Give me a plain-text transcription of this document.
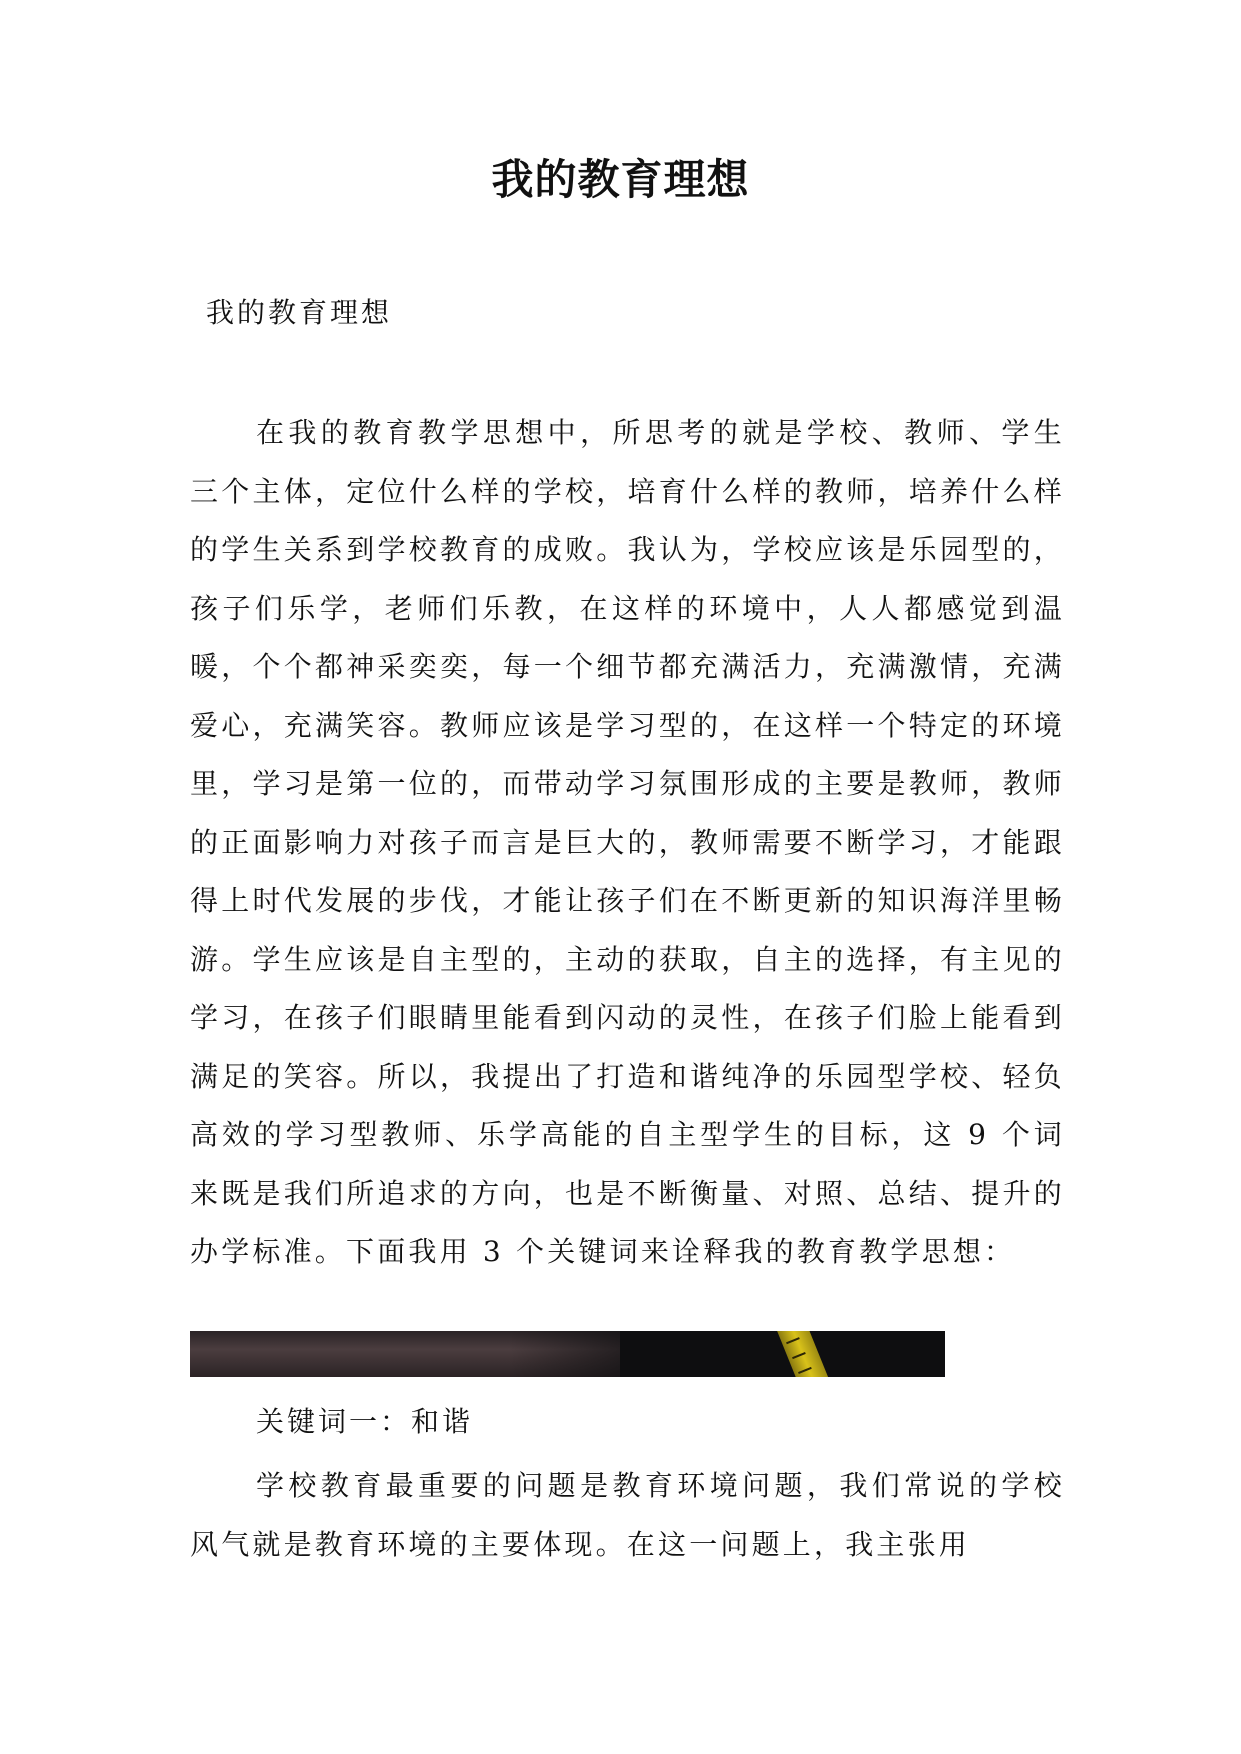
我的教育理想

我的教育理想

在我的教育教学思想中，所思考的就是学校、教师、学生三个主体，定位什么样的学校，培育什么样的教师，培养什么样的学生关系到学校教育的成败。我认为，学校应该是乐园型的，孩子们乐学，老师们乐教，在这样的环境中，人人都感觉到温暖，个个都神采奕奕，每一个细节都充满活力，充满激情，充满爱心，充满笑容。教师应该是学习型的，在这样一个特定的环境里，学习是第一位的，而带动学习氛围形成的主要是教师，教师的正面影响力对孩子而言是巨大的，教师需要不断学习，才能跟得上时代发展的步伐，才能让孩子们在不断更新的知识海洋里畅游。学生应该是自主型的，主动的获取，自主的选择，有主见的学习，在孩子们眼睛里能看到闪动的灵性，在孩子们脸上能看到满足的笑容。所以，我提出了打造和谐纯净的乐园型学校、轻负高效的学习型教师、乐学高能的自主型学生的目标，这 9 个词来既是我们所追求的方向，也是不断衡量、对照、总结、提升的办学标准。下面我用 3 个关键词来诠释我的教育教学思想：

关键词一：和谐

学校教育最重要的问题是教育环境问题，我们常说的学校风气就是教育环境的主要体现。在这一问题上，我主张用
